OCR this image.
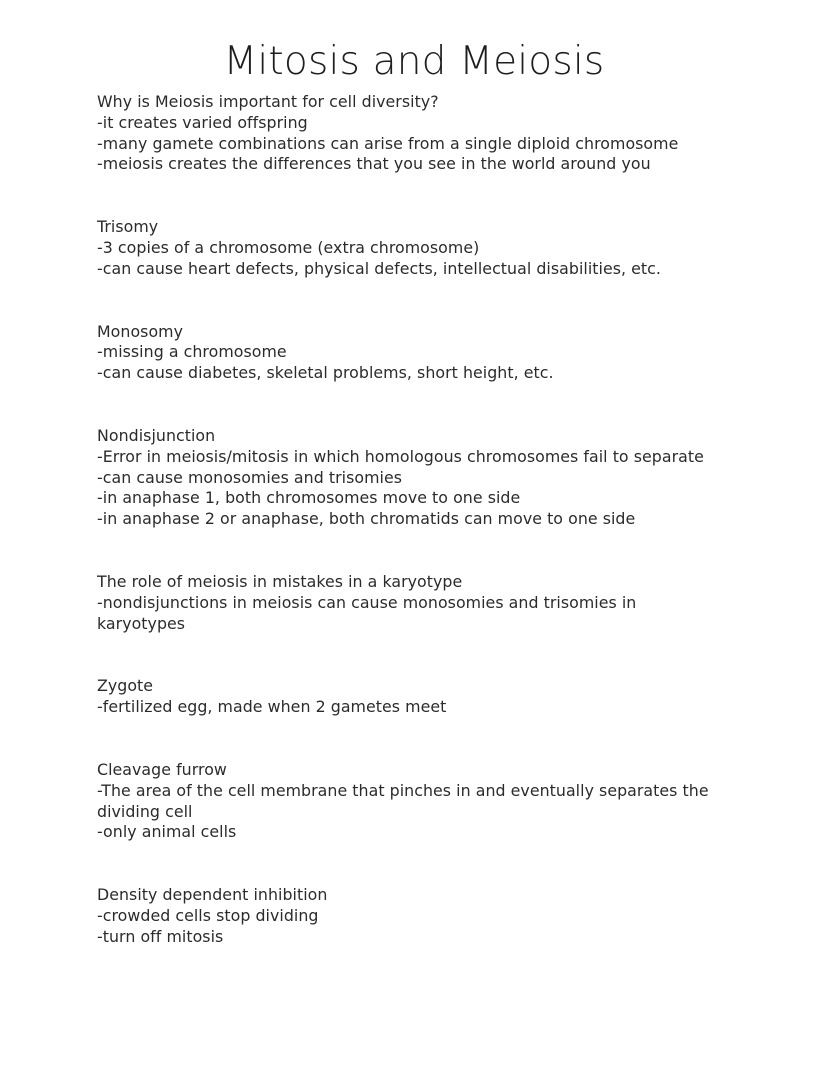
Mitosis and Meiosis
Why is Meiosis important for cell diversity?
-it creates varied offspring
-many gamete combinations can arise from a single diploid chromosome
-meiosis creates the differences that you see in the world around you
Trisomy
-3 copies of a chromosome (extra chromosome)
-can cause heart defects, physical defects, intellectual disabilities, etc.
Monosomy
-missing a chromosome
-can cause diabetes, skeletal problems, short height, etc.
Nondisjunction
-Error in meiosis/mitosis in which homologous chromosomes fail to separate
-can cause monosomies and trisomies
-in anaphase 1, both chromosomes move to one side
-in anaphase 2 or anaphase, both chromatids can move to one side
The role of meiosis in mistakes in a karyotype
-nondisjunctions in meiosis can cause monosomies and trisomies in karyotypes
Zygote
-fertilized egg, made when 2 gametes meet
Cleavage furrow
-The area of the cell membrane that pinches in and eventually separates the dividing cell
-only animal cells
Density dependent inhibition
-crowded cells stop dividing
-turn off mitosis
